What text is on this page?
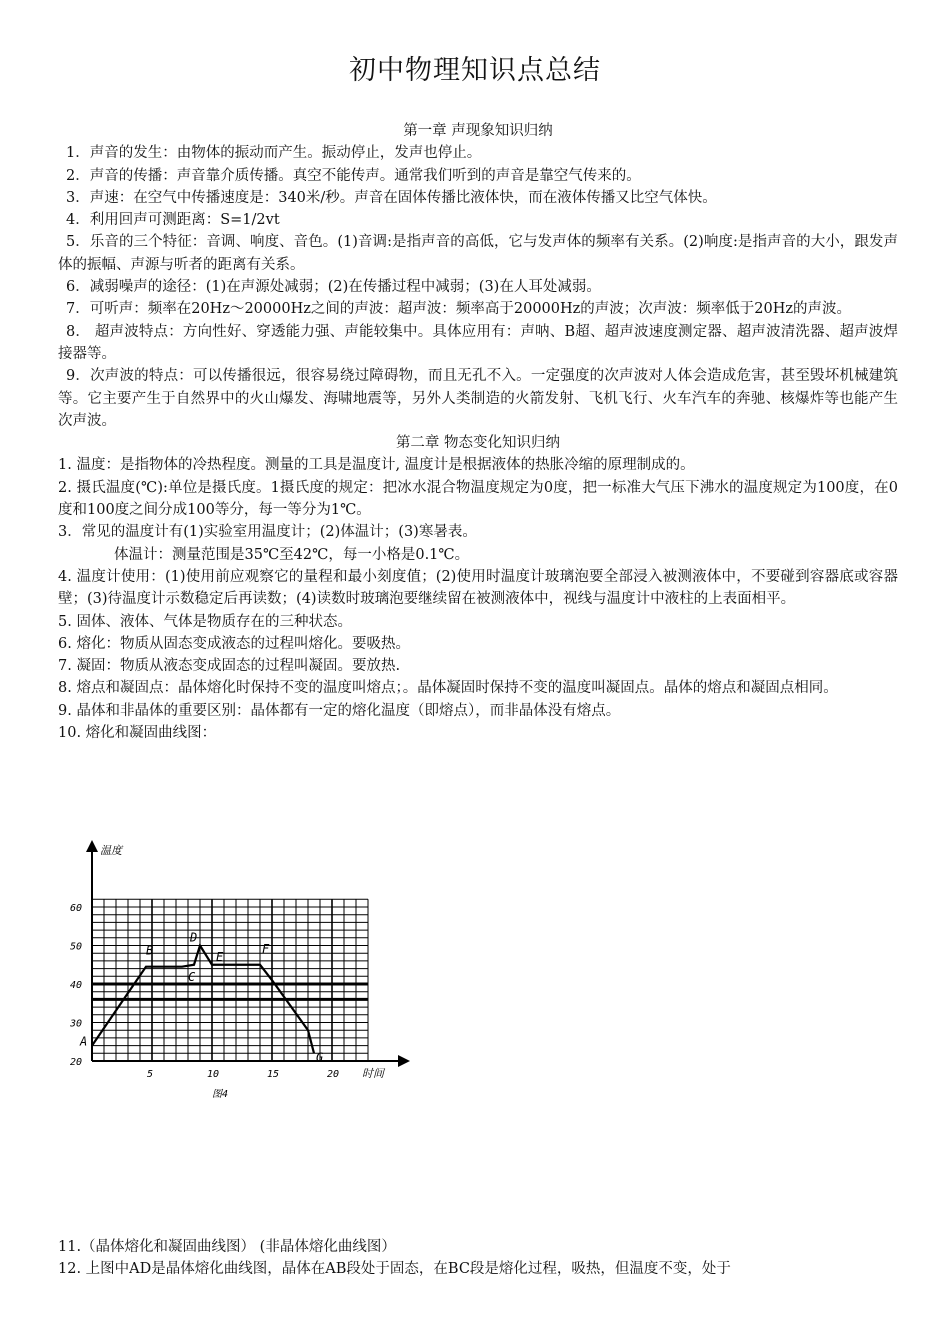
初中物理知识点总结

第一章 声现象知识归纳

1．声音的发生：由物体的振动而产生。振动停止，发声也停止。

2．声音的传播：声音靠介质传播。真空不能传声。通常我们听到的声音是靠空气传来的。

3．声速：在空气中传播速度是：340米/秒。声音在固体传播比液体快，而在液体传播又比空气体快。

4．利用回声可测距离：S=1/2vt

5．乐音的三个特征：音调、响度、音色。(1)音调:是指声音的高低，它与发声体的频率有关系。(2)响度:是指声音的大小，跟发声体的振幅、声源与听者的距离有关系。

6．减弱噪声的途径：(1)在声源处减弱；(2)在传播过程中减弱；(3)在人耳处减弱。

7．可听声：频率在20Hz～20000Hz之间的声波：超声波：频率高于20000Hz的声波；次声波：频率低于20Hz的声波。

8． 超声波特点：方向性好、穿透能力强、声能较集中。具体应用有：声呐、B超、超声波速度测定器、超声波清洗器、超声波焊接器等。

9．次声波的特点：可以传播很远，很容易绕过障碍物，而且无孔不入。一定强度的次声波对人体会造成危害，甚至毁坏机械建筑等。它主要产生于自然界中的火山爆发、海啸地震等，另外人类制造的火箭发射、飞机飞行、火车汽车的奔驰、核爆炸等也能产生次声波。

第二章 物态变化知识归纳

1. 温度：是指物体的冷热程度。测量的工具是温度计, 温度计是根据液体的热胀冷缩的原理制成的。

2. 摄氏温度(℃):单位是摄氏度。1摄氏度的规定：把冰水混合物温度规定为0度，把一标准大气压下沸水的温度规定为100度，在0度和100度之间分成100等分，每一等分为1℃。

3．常见的温度计有(1)实验室用温度计；(2)体温计；(3)寒暑表。

体温计：测量范围是35℃至42℃，每一小格是0.1℃。

4. 温度计使用：(1)使用前应观察它的量程和最小刻度值；(2)使用时温度计玻璃泡要全部浸入被测液体中，不要碰到容器底或容器壁；(3)待温度计示数稳定后再读数；(4)读数时玻璃泡要继续留在被测液体中，视线与温度计中液柱的上表面相平。

5. 固体、液体、气体是物质存在的三种状态。

6. 熔化：物质从固态变成液态的过程叫熔化。要吸热。

7. 凝固：物质从液态变成固态的过程叫凝固。要放热.

8. 熔点和凝固点：晶体熔化时保持不变的温度叫熔点；。晶体凝固时保持不变的温度叫凝固点。晶体的熔点和凝固点相同。

9. 晶体和非晶体的重要区别：晶体都有一定的熔化温度（即熔点），而非晶体没有熔点。

10. 熔化和凝固曲线图：

温度
时间
5	10	15	20
20
30
40
50
60
A
B
C
D
E
F
G
图4

11.（晶体熔化和凝固曲线图） (非晶体熔化曲线图）

12. 上图中AD是晶体熔化曲线图，晶体在AB段处于固态，在BC段是熔化过程，吸热，但温度不变，处于
